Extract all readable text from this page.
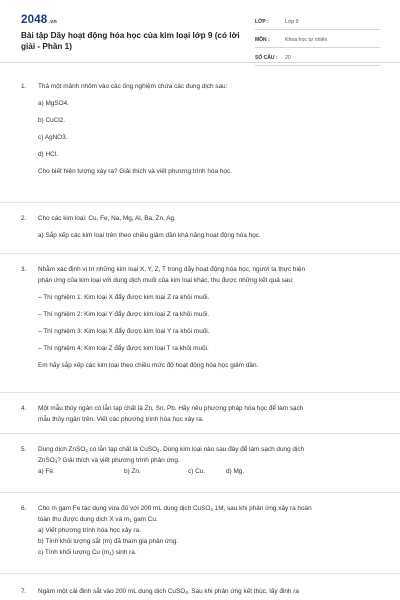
2048.vn
Bài tập Dãy hoạt động hóa học của kim loại lớp 9 (có lời giải - Phần 1)
LỚP :	Lớp 9
MÔN :	Khoa học tự nhiên
SỐ CÂU :	20
1. Thả một mảnh nhôm vào các ống nghiệm chứa các dung dịch sau:

a) MgSO4.

b) CuCl2.

c) AgNO3.

d) HCl.

Cho biết hiện tượng xảy ra? Giải thích và viết phương trình hóa học.

2. Cho các kim loại: Cu, Fe, Na, Mg, Al, Ba, Zn, Ag.

a) Sắp xếp các kim loại trên theo chiều giảm dần khả năng hoạt động hóa học.

3. Nhằm xác định vị trí những kim loại X, Y, Z, T trong dãy hoạt động hóa học, người ta thực hiện

phản ứng của kim loại với dung dịch muối của kim loại khác, thu được những kết quả sau:

– Thí nghiệm 1: Kim loại X đẩy được kim loại Z ra khỏi muối.

– Thí nghiệm 2: Kim loại Y đẩy được kim loại Z ra khỏi muối.

– Thí nghiệm 3: Kim loại X đẩy được kim loại Y ra khỏi muối.

– Thí nghiệm 4: Kim loại Z đẩy được kim loại T ra khỏi muối.

Em hãy sắp xếp các kim loại theo chiều mức độ hoạt động hóa học giảm dần.

4. Một mẫu thủy ngân có lẫn tạp chất là Zn, Sn, Pb. Hãy nêu phương pháp hóa học để làm sạch

mẫu thủy ngân trên. Viết các phương trình hóa học xảy ra.

5. Dung dịch ZnSO$_4$ có lẫn tạp chất là CuSO$_4$. Dùng kim loại nào sau đây để làm sạch dung dịch

ZnSO$_4$? Giải thích và viết phương trình phản ứng.

a) Fe.	b) Zn.	c) Cu.	d) Mg.

6. Cho m gam Fe tác dụng vừa đủ với 200 mL dung dịch CuSO$_4$ 1M, sau khi phản ứng xảy ra hoàn

toàn thu được dung dịch X và $m_1$ gam Cu.

a) Viết phương trình hóa học xảy ra.

b) Tính khối lượng sắt (m) đã tham gia phản ứng.

c) Tính khối lượng Cu $(m_1)$ sinh ra.

7. Ngâm một cái đinh sắt vào 200 mL dung dịch CuSO$_4$. Sau khi phản ứng kết thúc, lấy đinh ra
